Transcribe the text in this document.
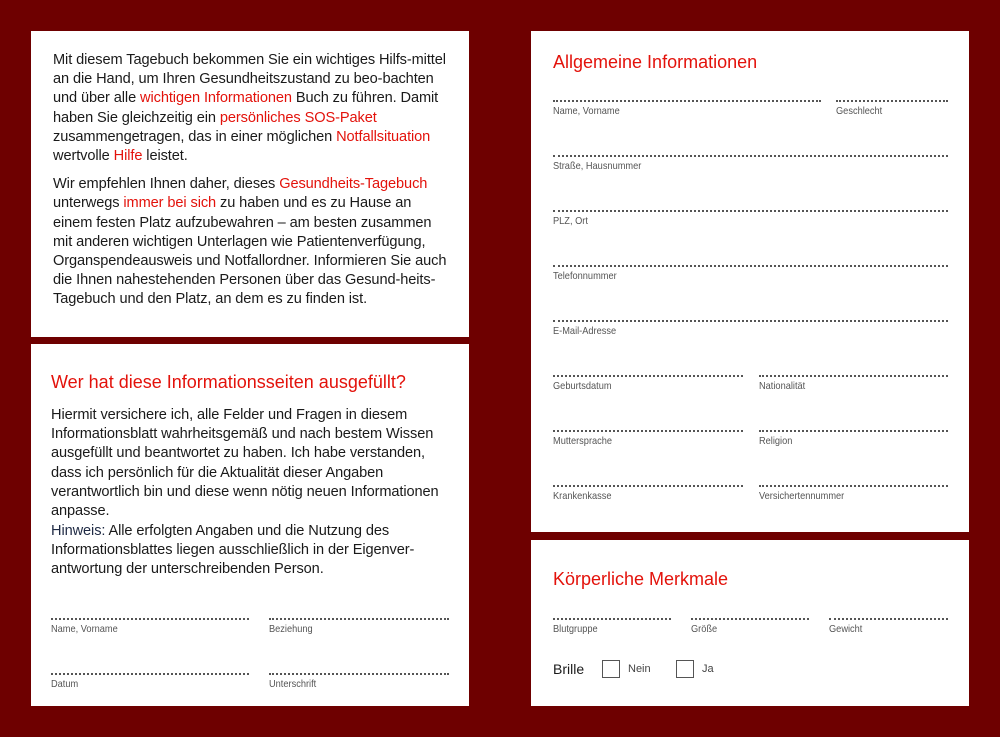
Mit diesem Tagebuch bekommen Sie ein wichtiges Hilfs-mittel an die Hand, um Ihren Gesundheitszustand zu beo-bachten und über alle wichtigen Informationen Buch zu führen. Damit haben Sie gleichzeitig ein persönliches SOS-Paket zusammengetragen, das in einer möglichen Notfallsituation wertvolle Hilfe leistet.

Wir empfehlen Ihnen daher, dieses Gesundheits-Tagebuch unterwegs immer bei sich zu haben und es zu Hause an einem festen Platz aufzubewahren – am besten zusammen mit anderen wichtigen Unterlagen wie Patientenverfügung, Organspendeausweis und Notfallordner. Informieren Sie auch die Ihnen nahestehenden Personen über das Gesund-heits-Tagebuch und den Platz, an dem es zu finden ist.

Wer hat diese Informationsseiten ausgefüllt?

Hiermit versichere ich, alle Felder und Fragen in diesem Informationsblatt wahrheitsgemäß und nach bestem Wissen ausgefüllt und beantwortet zu haben. Ich habe verstanden, dass ich persönlich für die Aktualität dieser Angaben verantwortlich bin und diese wenn nötig neuen Informationen anpasse.

Hinweis: Alle erfolgten Angaben und die Nutzung des Informationsblattes liegen ausschließlich in der Eigenver-antwortung der unterschreibenden Person.

Name, Vorname	Beziehung
Datum	Unterschrift
Allgemeine Informationen
Name, Vorname	Geschlecht
Straße, Hausnummer
PLZ, Ort
Telefonnummer
E-Mail-Adresse
Geburtsdatum	Nationalität
Muttersprache	Religion
Krankenkasse	Versichertennummer
Körperliche Merkmale
Blutgruppe	Größe	Gewicht
Brille	Nein	Ja
